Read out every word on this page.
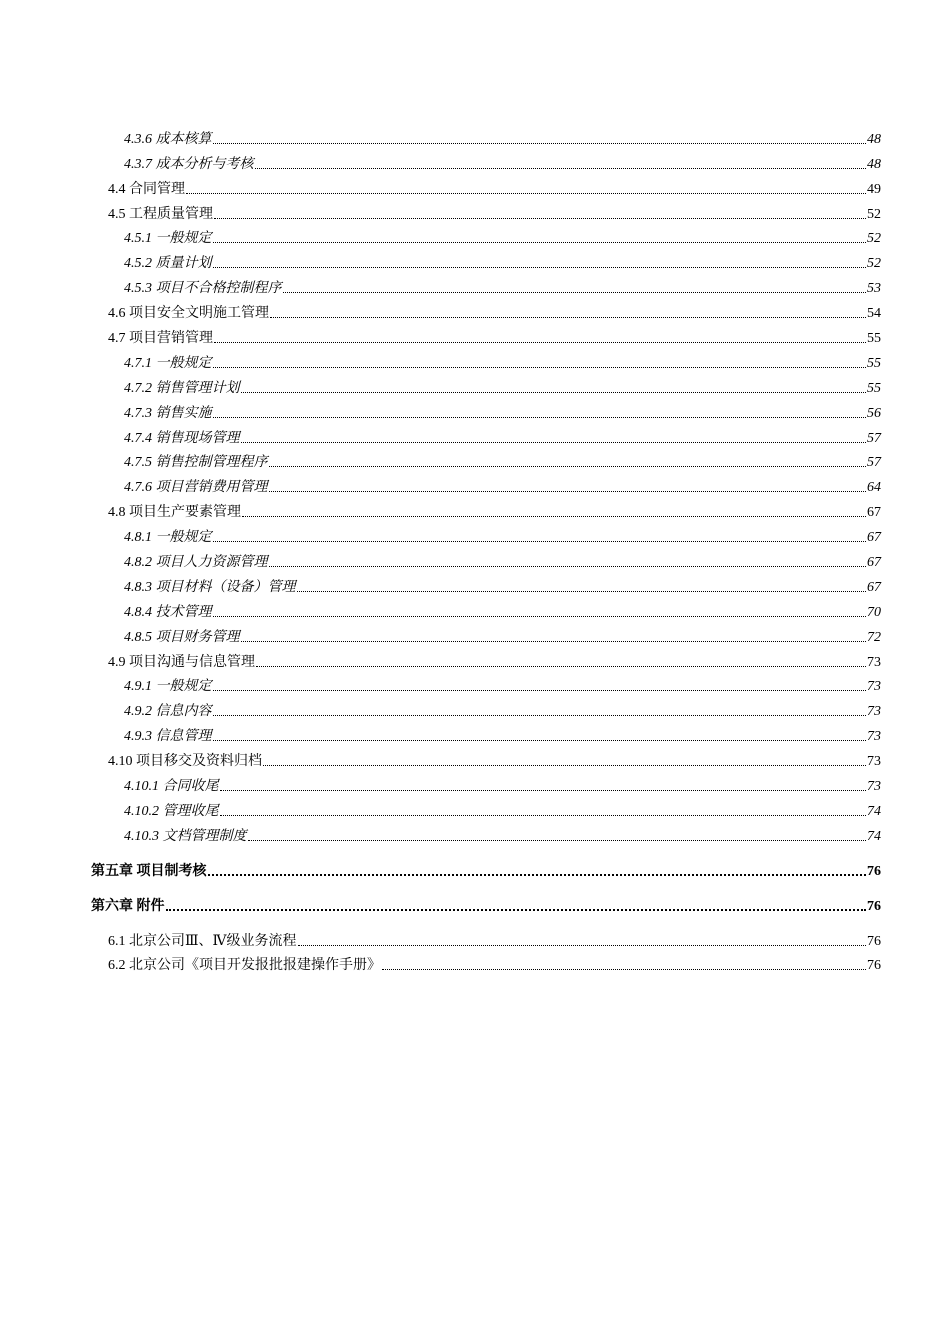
4.3.6 成本核算	48
4.3.7 成本分析与考核	48
4.4 合同管理	49
4.5 工程质量管理	52
4.5.1 一般规定	52
4.5.2 质量计划	52
4.5.3 项目不合格控制程序	53
4.6 项目安全文明施工管理	54
4.7 项目营销管理	55
4.7.1 一般规定	55
4.7.2 销售管理计划	55
4.7.3 销售实施	56
4.7.4 销售现场管理	57
4.7.5 销售控制管理程序	57
4.7.6 项目营销费用管理	64
4.8 项目生产要素管理	67
4.8.1 一般规定	67
4.8.2 项目人力资源管理	67
4.8.3 项目材料（设备）管理	67
4.8.4 技术管理	70
4.8.5 项目财务管理	72
4.9 项目沟通与信息管理	73
4.9.1 一般规定	73
4.9.2 信息内容	73
4.9.3 信息管理	73
4.10 项目移交及资料归档	73
4.10.1 合同收尾	73
4.10.2 管理收尾	74
4.10.3 文档管理制度	74
第五章 项目制考核	76
第六章 附件	76
6.1 北京公司Ⅲ、Ⅳ级业务流程	76
6.2 北京公司《项目开发报批报建操作手册》	76
